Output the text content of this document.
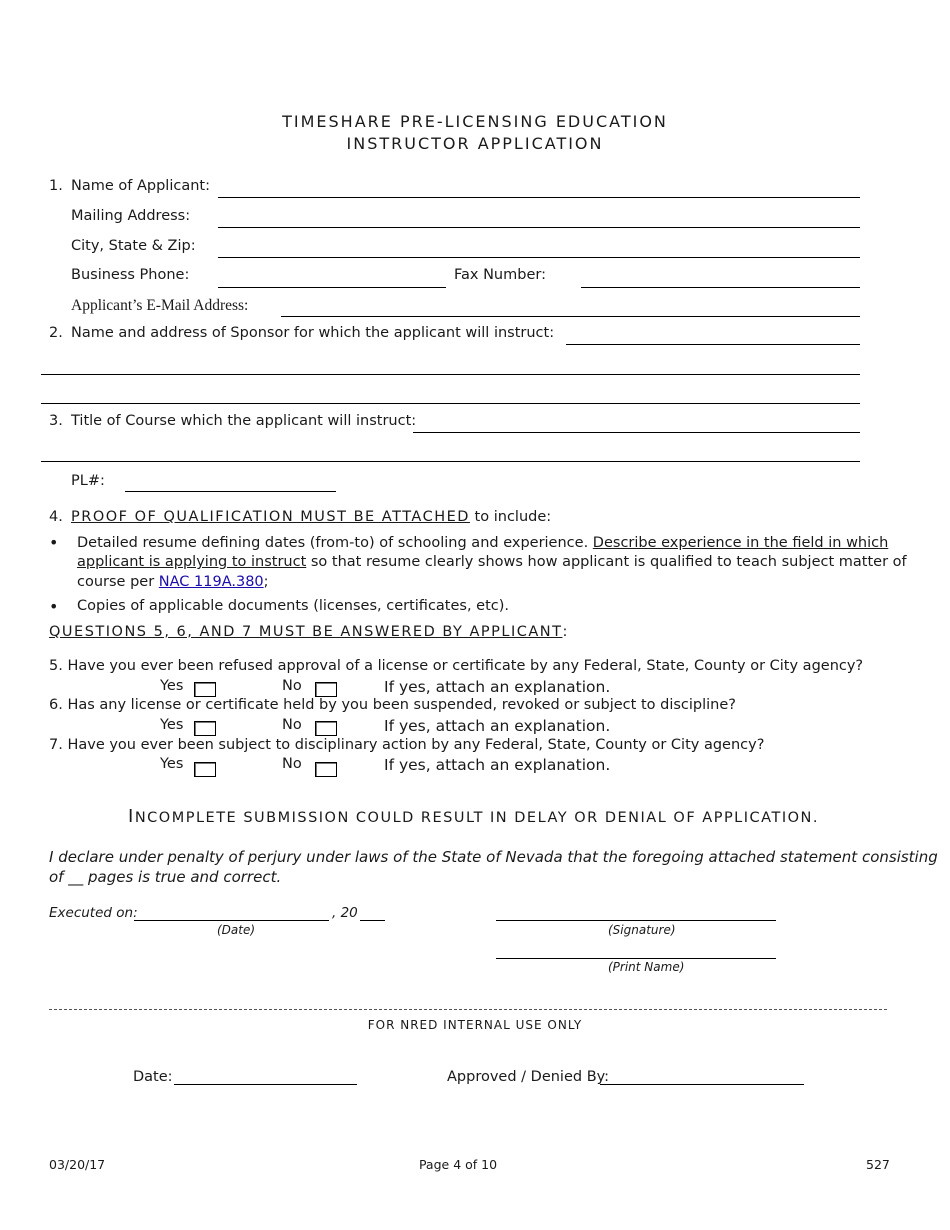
TIMESHARE PRE-LICENSING EDUCATION
INSTRUCTOR APPLICATION
1. Name of Applicant:
Mailing Address:
City, State & Zip:
Business Phone:	Fax Number:
Applicant’s E-Mail Address:
2. Name and address of Sponsor for which the applicant will instruct:
3. Title of Course which the applicant will instruct:
PL#:
4. PROOF OF QUALIFICATION MUST BE ATTACHED to include:
• Detailed resume defining dates (from-to) of schooling and experience. Describe experience in the field in which
applicant is applying to instruct so that resume clearly shows how applicant is qualified to teach subject matter of
course per NAC 119A.380;
• Copies of applicable documents (licenses, certificates, etc).
QUESTIONS 5, 6, AND 7 MUST BE ANSWERED BY APPLICANT:
5. Have you ever been refused approval of a license or certificate by any Federal, State, County or City agency?
Yes	No	If yes, attach an explanation.
6. Has any license or certificate held by you been suspended, revoked or subject to discipline?
Yes	No	If yes, attach an explanation.
7. Have you ever been subject to disciplinary action by any Federal, State, County or City agency?
Yes	No	If yes, attach an explanation.
INCOMPLETE SUBMISSION COULD RESULT IN DELAY OR DENIAL OF APPLICATION.
I declare under penalty of perjury under laws of the State of Nevada that the foregoing attached statement consisting
of __ pages is true and correct.
Executed on:	, 20
(Date)	(Signature)
(Print Name)
FOR NRED INTERNAL USE ONLY
Date:	Approved / Denied By:
03/20/17	Page 4 of 10	527
